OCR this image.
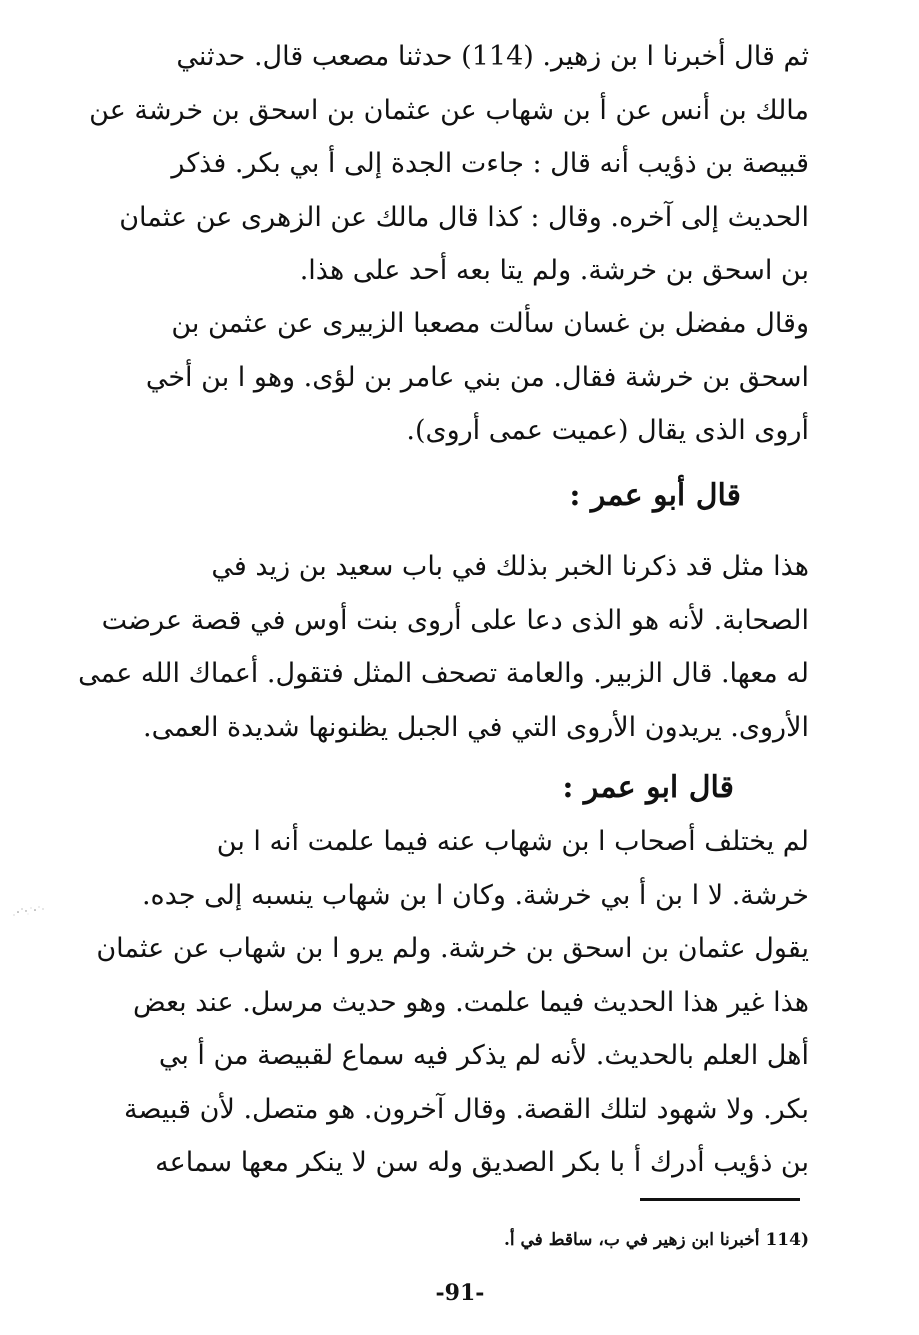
ثم قال أخبرنا ا بن زهير. (114) حدثنا مصعب قال. حدثني
مالك بن أنس عن أ بن شهاب عن عثمان بن اسحق بن خرشة عن
قبيصة بن ذؤيب أنه قال : جاءت الجدة إلى أ بي بكر. فذكر
الحديث إلى آخره. وقال : كذا قال مالك عن الزهرى عن عثمان
بن اسحق بن خرشة. ولم يتا بعه أحد على هذا.
وقال مفضل بن غسان سألت مصعبا الزبيرى عن عثمن بن
اسحق بن خرشة فقال. من بني عامر بن لؤى. وهو ا بن أخي
أروى الذى يقال (عميت عمى أروى).
قال أبو عمر :
هذا مثل قد ذكرنا الخبر بذلك في باب سعيد بن زيد في
الصحابة. لأنه هو الذى دعا على أروى بنت أوس في قصة عرضت
له معها. قال الزبير. والعامة تصحف المثل فتقول. أعماك الله عمى
الأروى. يريدون الأروى التي في الجبل يظنونها شديدة العمى.
قال ابو عمر :
لم يختلف أصحاب ا بن شهاب عنه فيما علمت أنه ا بن
خرشة. لا ا بن أ بي خرشة. وكان ا بن شهاب ينسبه إلى جده.
يقول عثمان بن اسحق بن خرشة. ولم يرو ا بن شهاب عن عثمان
هذا غير هذا الحديث فيما علمت. وهو حديث مرسل. عند بعض
أهل العلم بالحديث. لأنه لم يذكر فيه سماع لقبيصة من أ بي
بكر. ولا شهود لتلك القصة. وقال آخرون. هو متصل. لأن قبيصة
بن ذؤيب أدرك أ با بكر الصديق وله سن لا ينكر معها سماعه
(114 أخبرنا ابن زهير في ب، ساقط في أ.
-91-
